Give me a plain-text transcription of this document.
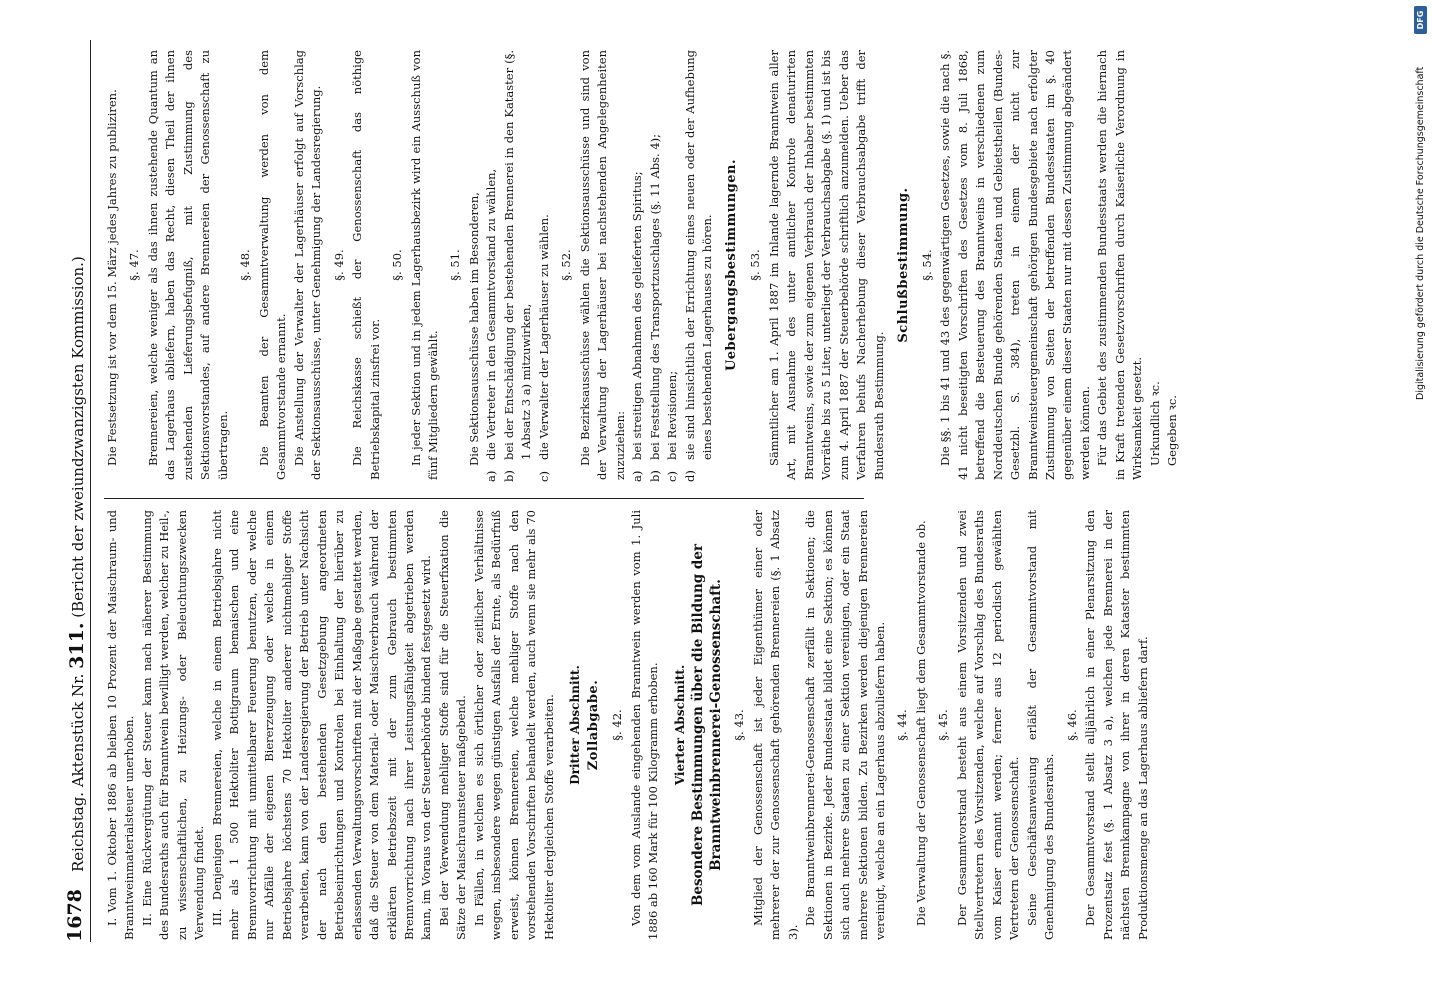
1678
Reichstag. Aktenstück Nr. 311. (Bericht der zweiundzwanzigsten Kommission.)

I. Vom 1. Oktober 1886 ab bleiben 10 Prozent der Maischraum- und Branntweinmaterialsteuer unerhoben. II. Eine Rückvergütung der Steuer kann nach näherer Bestimmung des Bundesraths auch für Branntwein bewilligt werden, welcher zu Heil-, zu wissenschaftlichen, zu Heizungs- oder Beleuchtungszwecken Verwendung findet. III. Denjenigen Brennereien, welche in einem Betriebsjahre nicht mehr als 1 500 Hektoliter Bottigraum bemaischen und eine Brennvorrichtung mit unmittelbarer Feuerung benutzen, oder welche nur Abfälle der eigenen Biererzeugung oder welche in einem Betriebsjahre höchstens 70 Hektoliter anderer nichtmehliger Stoffe verarbeiten, kann von der Landesregierung der Betrieb unter Nachsicht der nach den bestehenden Gesetzgebung angeordneten Betriebseinrichtungen und Kontrolen bei Einhaltung der hierüber zu erlassenden Verwaltungsvorschriften mit der Maßgabe gestattet werden, daß die Steuer von dem Material- oder Maischverbrauch während der erklärten Betriebszeit mit der zum Gebrauch bestimmten Brennvorrichtung nach ihrer Leistungsfähigkeit abgetrieben werden kann, im Voraus von der Steuerbehörde bindend festgesetzt wird. Bei der Verwendung mehliger Stoffe sind für die Steuerfixation die Sätze der Maischraumsteuer maßgebend. In Fällen, in welchen es sich örtlicher oder zeitlicher Verhältnisse wegen, insbesondere wegen günstigen Ausfalls der Ernte, als Bedürfniß erweist, können Brennereien, welche mehliger Stoffe nach den vorstehenden Vorschriften behandelt werden, auch wenn sie mehr als 70 Hektoliter dergleichen Stoffe verarbeiten. Dritter Abschnitt. Zollabgabe. §. 42. Von dem vom Auslande eingehenden Branntwein werden vom 1. Juli 1886 ab 160 Mark für 100 Kilogramm erhoben. Vierter Abschnitt. Besondere Bestimmungen über die Bildung der Branntweinbrennerei-Genossenschaft. §. 43. Mitglied der Genossenschaft ist jeder Eigenthümer einer oder mehrerer der zur Genossenschaft gehörenden Brennereien (§. 1 Absatz 3).

Die Branntweinbrennerei-Genossenschaft zerfällt in Sektionen; die Sektionen in Bezirke. Jeder Bundesstaat bildet eine Sektion; es können sich auch mehrere Staaten zu einer Sektion vereinigen, oder ein Staat mehrere Sektionen bilden. Zu Bezirken werden diejenigen Brennereien vereinigt, welche an ein Lagerhaus abzuliefern haben. §. 44. Die Verwaltung der Genossenschaft liegt dem Gesammtvorstande ob. §. 45. Der Gesammtvorstand besteht aus einem Vorsitzenden und zwei Stellvertretern des Vorsitzenden, welche auf Vorschlag des Bundesraths vom Kaiser ernannt werden; ferner aus 12 periodisch gewählten Vertretern der Genossenschaft. Seine Geschäftsanweisung erläßt der Gesammtvorstand mit Genehmigung des Bundesraths.

§. 46. Der Gesammtvorstand stellt alljährlich in einer Plenarsitzung den Prozentsatz fest (§. 1 Absatz 3 a), welchen jede Brennerei in der nächsten Brennkampagne von ihrer in deren Kataster bestimmten Produktionsmenge an das Lagerhaus abliefern darf.

Die Festsetzung ist vor dem 15. März jedes Jahres zu publiziren. §. 47. Brennereien, welche weniger als das ihnen zustehende Quantum an das Lagerhaus abliefern, haben das Recht, diesen Theil der ihnen zustehenden Lieferungsbefugniß, mit Zustimmung des Sektionsvorstandes, auf andere Brennereien der Genossenschaft zu übertragen.

§. 48. Die Beamten der Gesammtverwaltung werden von dem Gesammtvorstande ernannt. Die Anstellung der Verwalter der Lagerhäuser erfolgt auf Vorschlag der Sektionsausschüsse, unter Genehmigung der Landesregierung. §. 49. Die Reichskasse schießt der Genossenschaft das nöthige Betriebskapital zinsfrei vor.

§. 50. In jeder Sektion und in jedem Lagerhausbezirk wird ein Ausschuß von fünf Mitgliedern gewählt.

§. 51. Die Sektionsausschüsse haben im Besonderen,

a)die Vertreter in den Gesammtvorstand zu wählen,

b)bei der Entschädigung der bestehenden Brennerei in den Kataster (§. 1 Absatz 3 a) mitzuwirken,

c)die Verwalter der Lagerhäuser zu wählen. §. 52. Die Bezirksausschüsse wählen die Sektionsausschüsse und sind von der Verwaltung der Lagerhäuser bei nachstehenden Angelegenheiten zuzuziehen: a)bei streitigen Abnahmen des gelieferten Spiritus;

b)bei Feststellung des Transportzuschlages (§. 11 Abs. 4);

c)bei Revisionen;

d)sie sind hinsichtlich der Errichtung eines neuen oder der Aufhebung eines bestehenden Lagerhauses zu hören. Uebergangsbestimmungen. §. 53. Sämmtlicher am 1. April 1887 im Inlande lagernde Branntwein aller Art, mit Ausnahme des unter amtlicher Kontrole denaturirten Branntweins, sowie der zum eigenen Verbrauch der Inhaber bestimmten Vorräthe bis zu 5 Liter, unterliegt der Verbrauchsabgabe (§. 1) und ist bis zum 4. April 1887 der Steuerbehörde schriftlich anzumelden. Ueber das Verfahren behufs Nacherhebung dieser Verbrauchsabgabe trifft der Bundesrath Bestimmung.

Schlußbestimmung. §. 54. Die §§. 1 bis 41 und 43 des gegenwärtigen Gesetzes, sowie die nach §. 41 nicht beseitigten Vorschriften des Gesetzes vom 8. Juli 1868, betreffend die Besteuerung des Branntweins in verschiedenen zum Norddeutschen Bunde gehörenden Staaten und Gebietstheilen (Bundes-Gesetzbl. S. 384), treten in einem der nicht zur Branntweinsteuergemeinschaft gehörigen Bundesgebiete nach erfolgter Zustimmung von Seiten der betreffenden Bundesstaaten im §. 40 gegenüber einem dieser Staaten nur mit dessen Zustimmung abgeändert werden können. Für das Gebiet des zustimmenden Bundesstaats werden die hiernach in Kraft tretenden Gesetzvorschriften durch Kaiserliche Verordnung in Wirksamkeit gesetzt. Urkundlich ꝛc. Gegeben ꝛc.

Digitalisierung gefördert durch die Deutsche Forschungsgemeinschaft
DFG
